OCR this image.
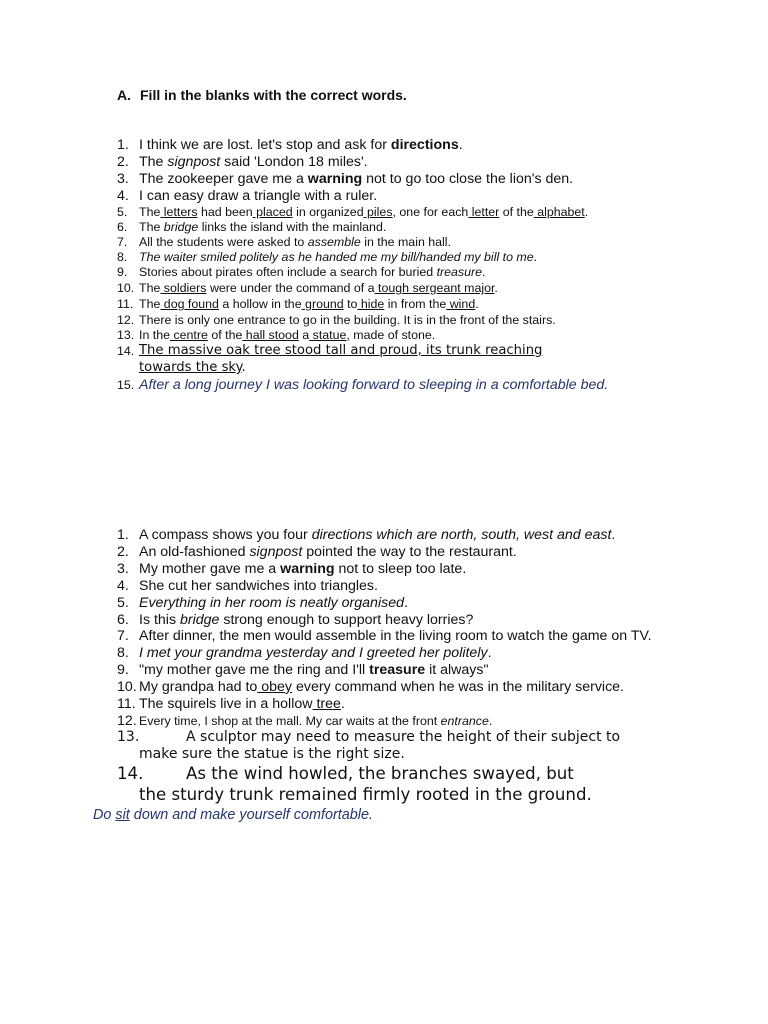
A. Fill in the blanks with the correct words.
1. I think we are lost. let's stop and ask for directions.
2. The signpost said 'London 18 miles'.
3. The zookeeper gave me a warning not to go too close the lion's den.
4. I can easy draw a triangle with a ruler.
5. The letters had been placed in organized piles, one for each letter of the alphabet.
6. The bridge links the island with the mainland.
7. All the students were asked to assemble in the main hall.
8. The waiter smiled politely as he handed me my bill/handed my bill to me.
9. Stories about pirates often include a search for buried treasure.
10. The soldiers were under the command of a tough sergeant major.
11. The dog found a hollow in the ground to hide in from the wind.
12. There is only one entrance to go in the building. It is in the front of the stairs.
13. In the centre of the hall stood a statue, made of stone.
14. The massive oak tree stood tall and proud, its trunk reaching
towards the sky.
15. After a long journey I was looking forward to sleeping in a comfortable bed.
1. A compass shows you four directions which are north, south, west and east.
2. An old-fashioned signpost pointed the way to the restaurant.
3. My mother gave me a warning not to sleep too late.
4. She cut her sandwiches into triangles.
5. Everything in her room is neatly organised.
6. Is this bridge strong enough to support heavy lorries?
7. After dinner, the men would assemble in the living room to watch the game on TV.
8. I met your grandma yesterday and I greeted her politely.
9. "my mother gave me the ring and I'll treasure it always"
10. My grandpa had to obey every command when he was in the military service.
11. The squirels live in a hollow tree.
12. Every time, I shop at the mall. My car waits at the front entrance.
13.	A sculptor may need to measure the height of their subject to
make sure the statue is the right size.
14.	As the wind howled, the branches swayed, but
the sturdy trunk remained firmly rooted in the ground.
Do sit down and make yourself comfortable.
